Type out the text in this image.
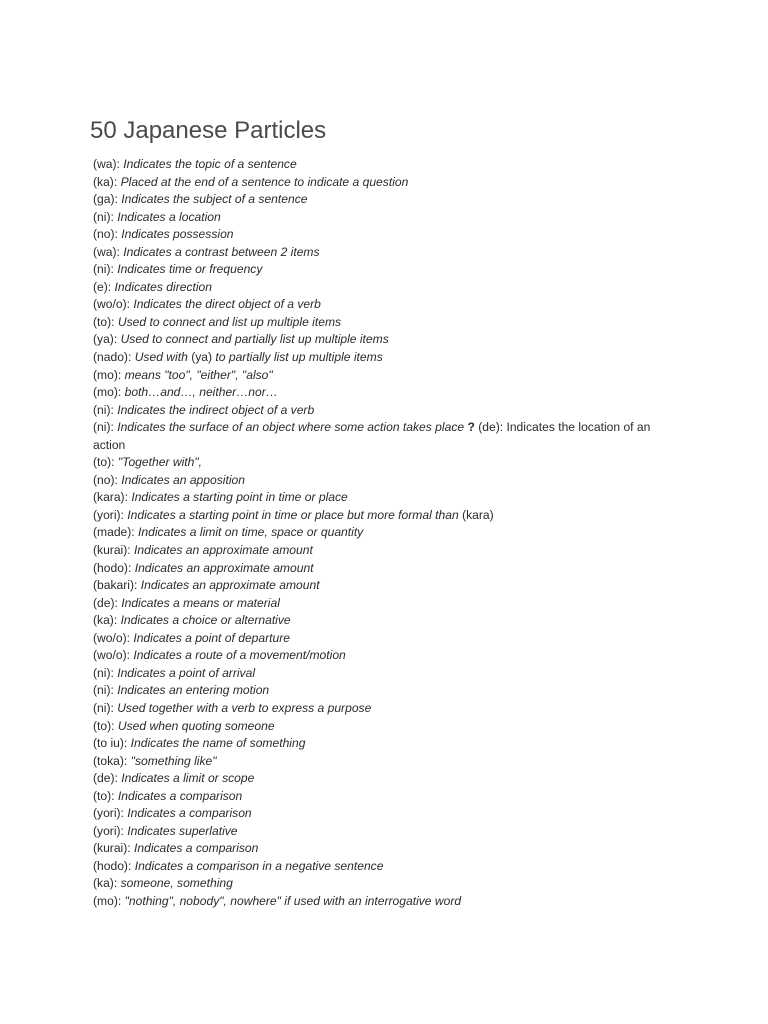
50 Japanese Particles
(wa): Indicates the topic of a sentence
(ka): Placed at the end of a sentence to indicate a question
(ga): Indicates the subject of a sentence
(ni): Indicates a location
(no): Indicates possession
(wa): Indicates a contrast between 2 items
(ni): Indicates time or frequency
(e): Indicates direction
(wo/o): Indicates the direct object of a verb
(to): Used to connect and list up multiple items
(ya): Used to connect and partially list up multiple items
(nado): Used with (ya) to partially list up multiple items
(mo): means "too", "either", "also"
(mo): both…and…, neither…nor…
(ni): Indicates the indirect object of a verb
(ni): Indicates the surface of an object where some action takes place ? (de): Indicates the location of an action
(to): "Together with",
(no): Indicates an apposition
(kara): Indicates a starting point in time or place
(yori): Indicates a starting point in time or place but more formal than (kara)
(made): Indicates a limit on time, space or quantity
(kurai): Indicates an approximate amount
(hodo): Indicates an approximate amount
(bakari): Indicates an approximate amount
(de): Indicates a means or material
(ka): Indicates a choice or alternative
(wo/o): Indicates a point of departure
(wo/o): Indicates a route of a movement/motion
(ni): Indicates a point of arrival
(ni): Indicates an entering motion
(ni): Used together with a verb to express a purpose
(to): Used when quoting someone
(to iu): Indicates the name of something
(toka): "something like"
(de): Indicates a limit or scope
(to): Indicates a comparison
(yori): Indicates a comparison
(yori): Indicates superlative
(kurai): Indicates a comparison
(hodo): Indicates a comparison in a negative sentence
(ka): someone, something
(mo): "nothing", nobody", nowhere" if used with an interrogative word
